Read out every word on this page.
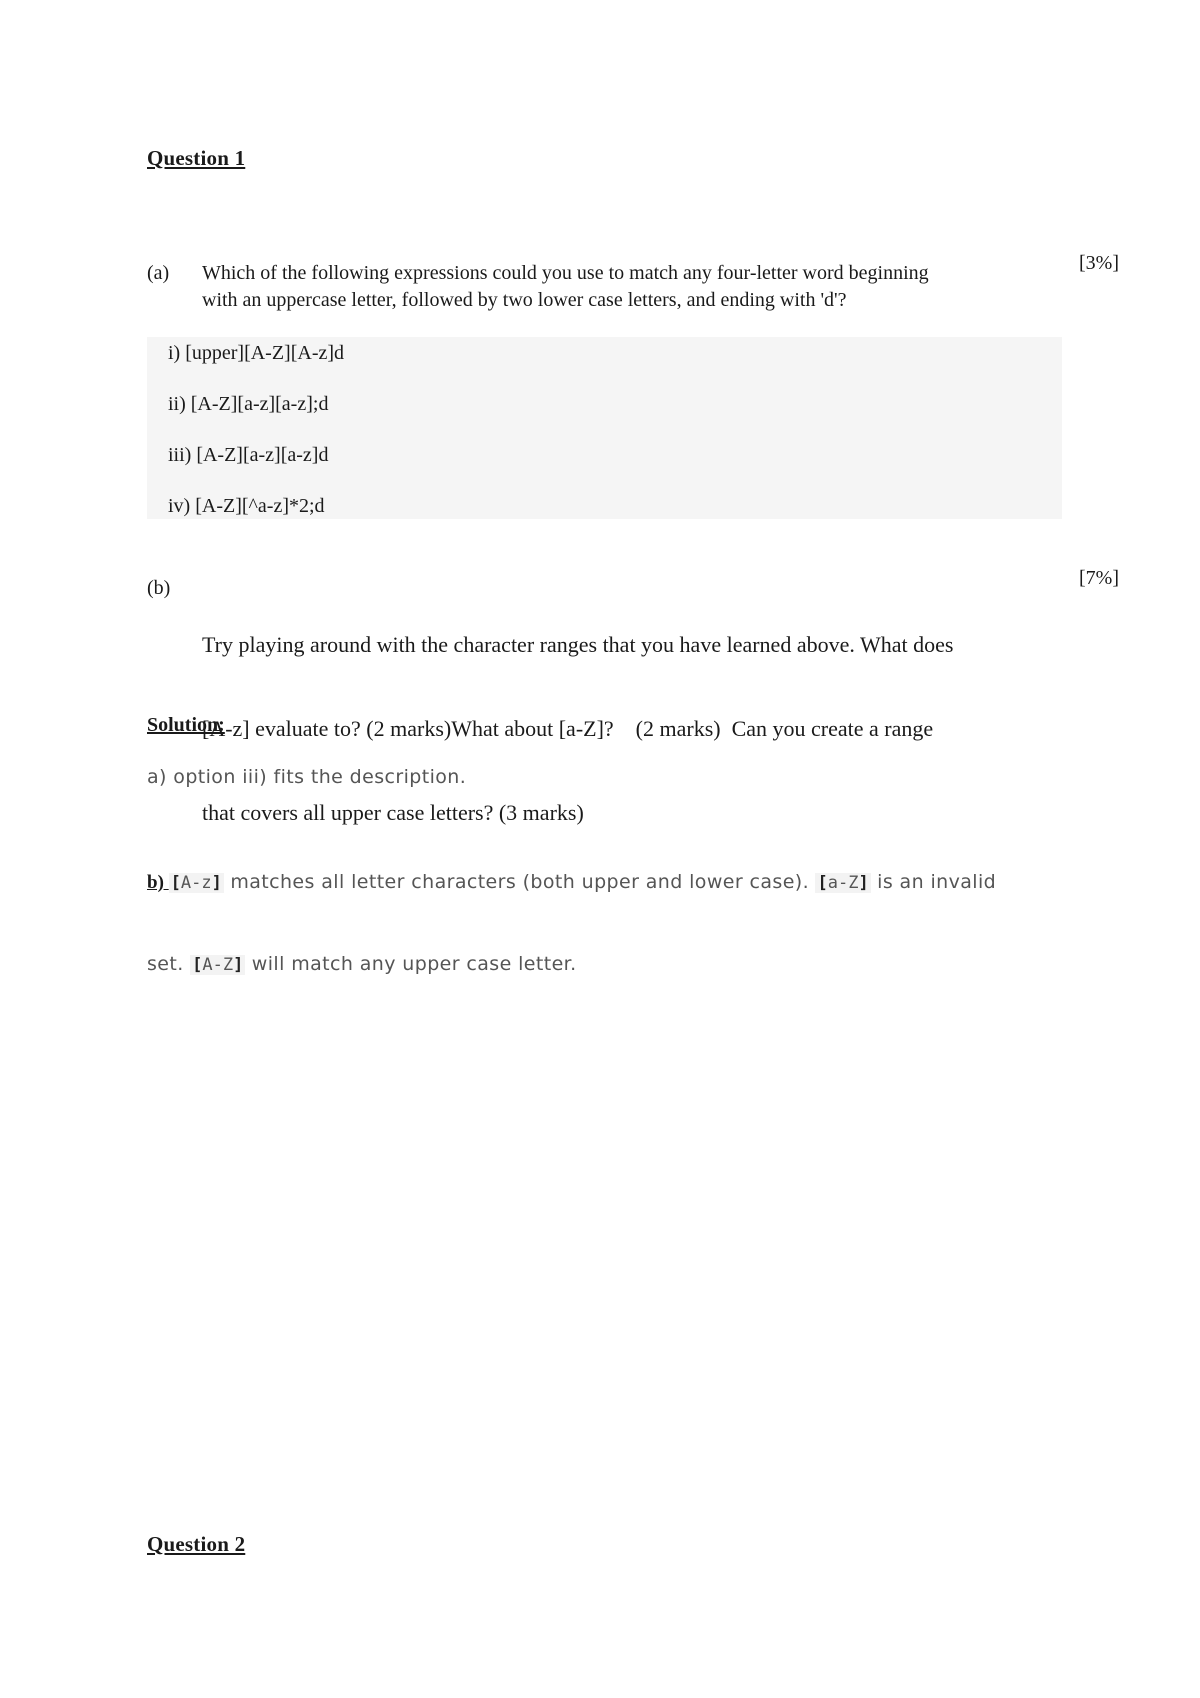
Question 1
(a) Which of the following expressions could you use to match any four-letter word beginning
with an uppercase letter, followed by two lower case letters, and ending with 'd'?
[3%]
i) [upper][A-Z][A-z]d
ii) [A-Z][a-z][a-z];d
iii) [A-Z][a-z][a-z]d
iv) [A-Z][^a-z]*2;d
(b)

Try playing around with the character ranges that you have learned above. What does

[A-z] evaluate to? (2 marks)What about [a-Z]?    (2 marks)  Can you create a range

that covers all upper case letters? (3 marks)

[7%]
Solution:
a) option iii) fits the description.

b) [A-z] matches all letter characters (both upper and lower case). [a-Z] is an invalid

set. [A-Z] will match any upper case letter.

Question 2
